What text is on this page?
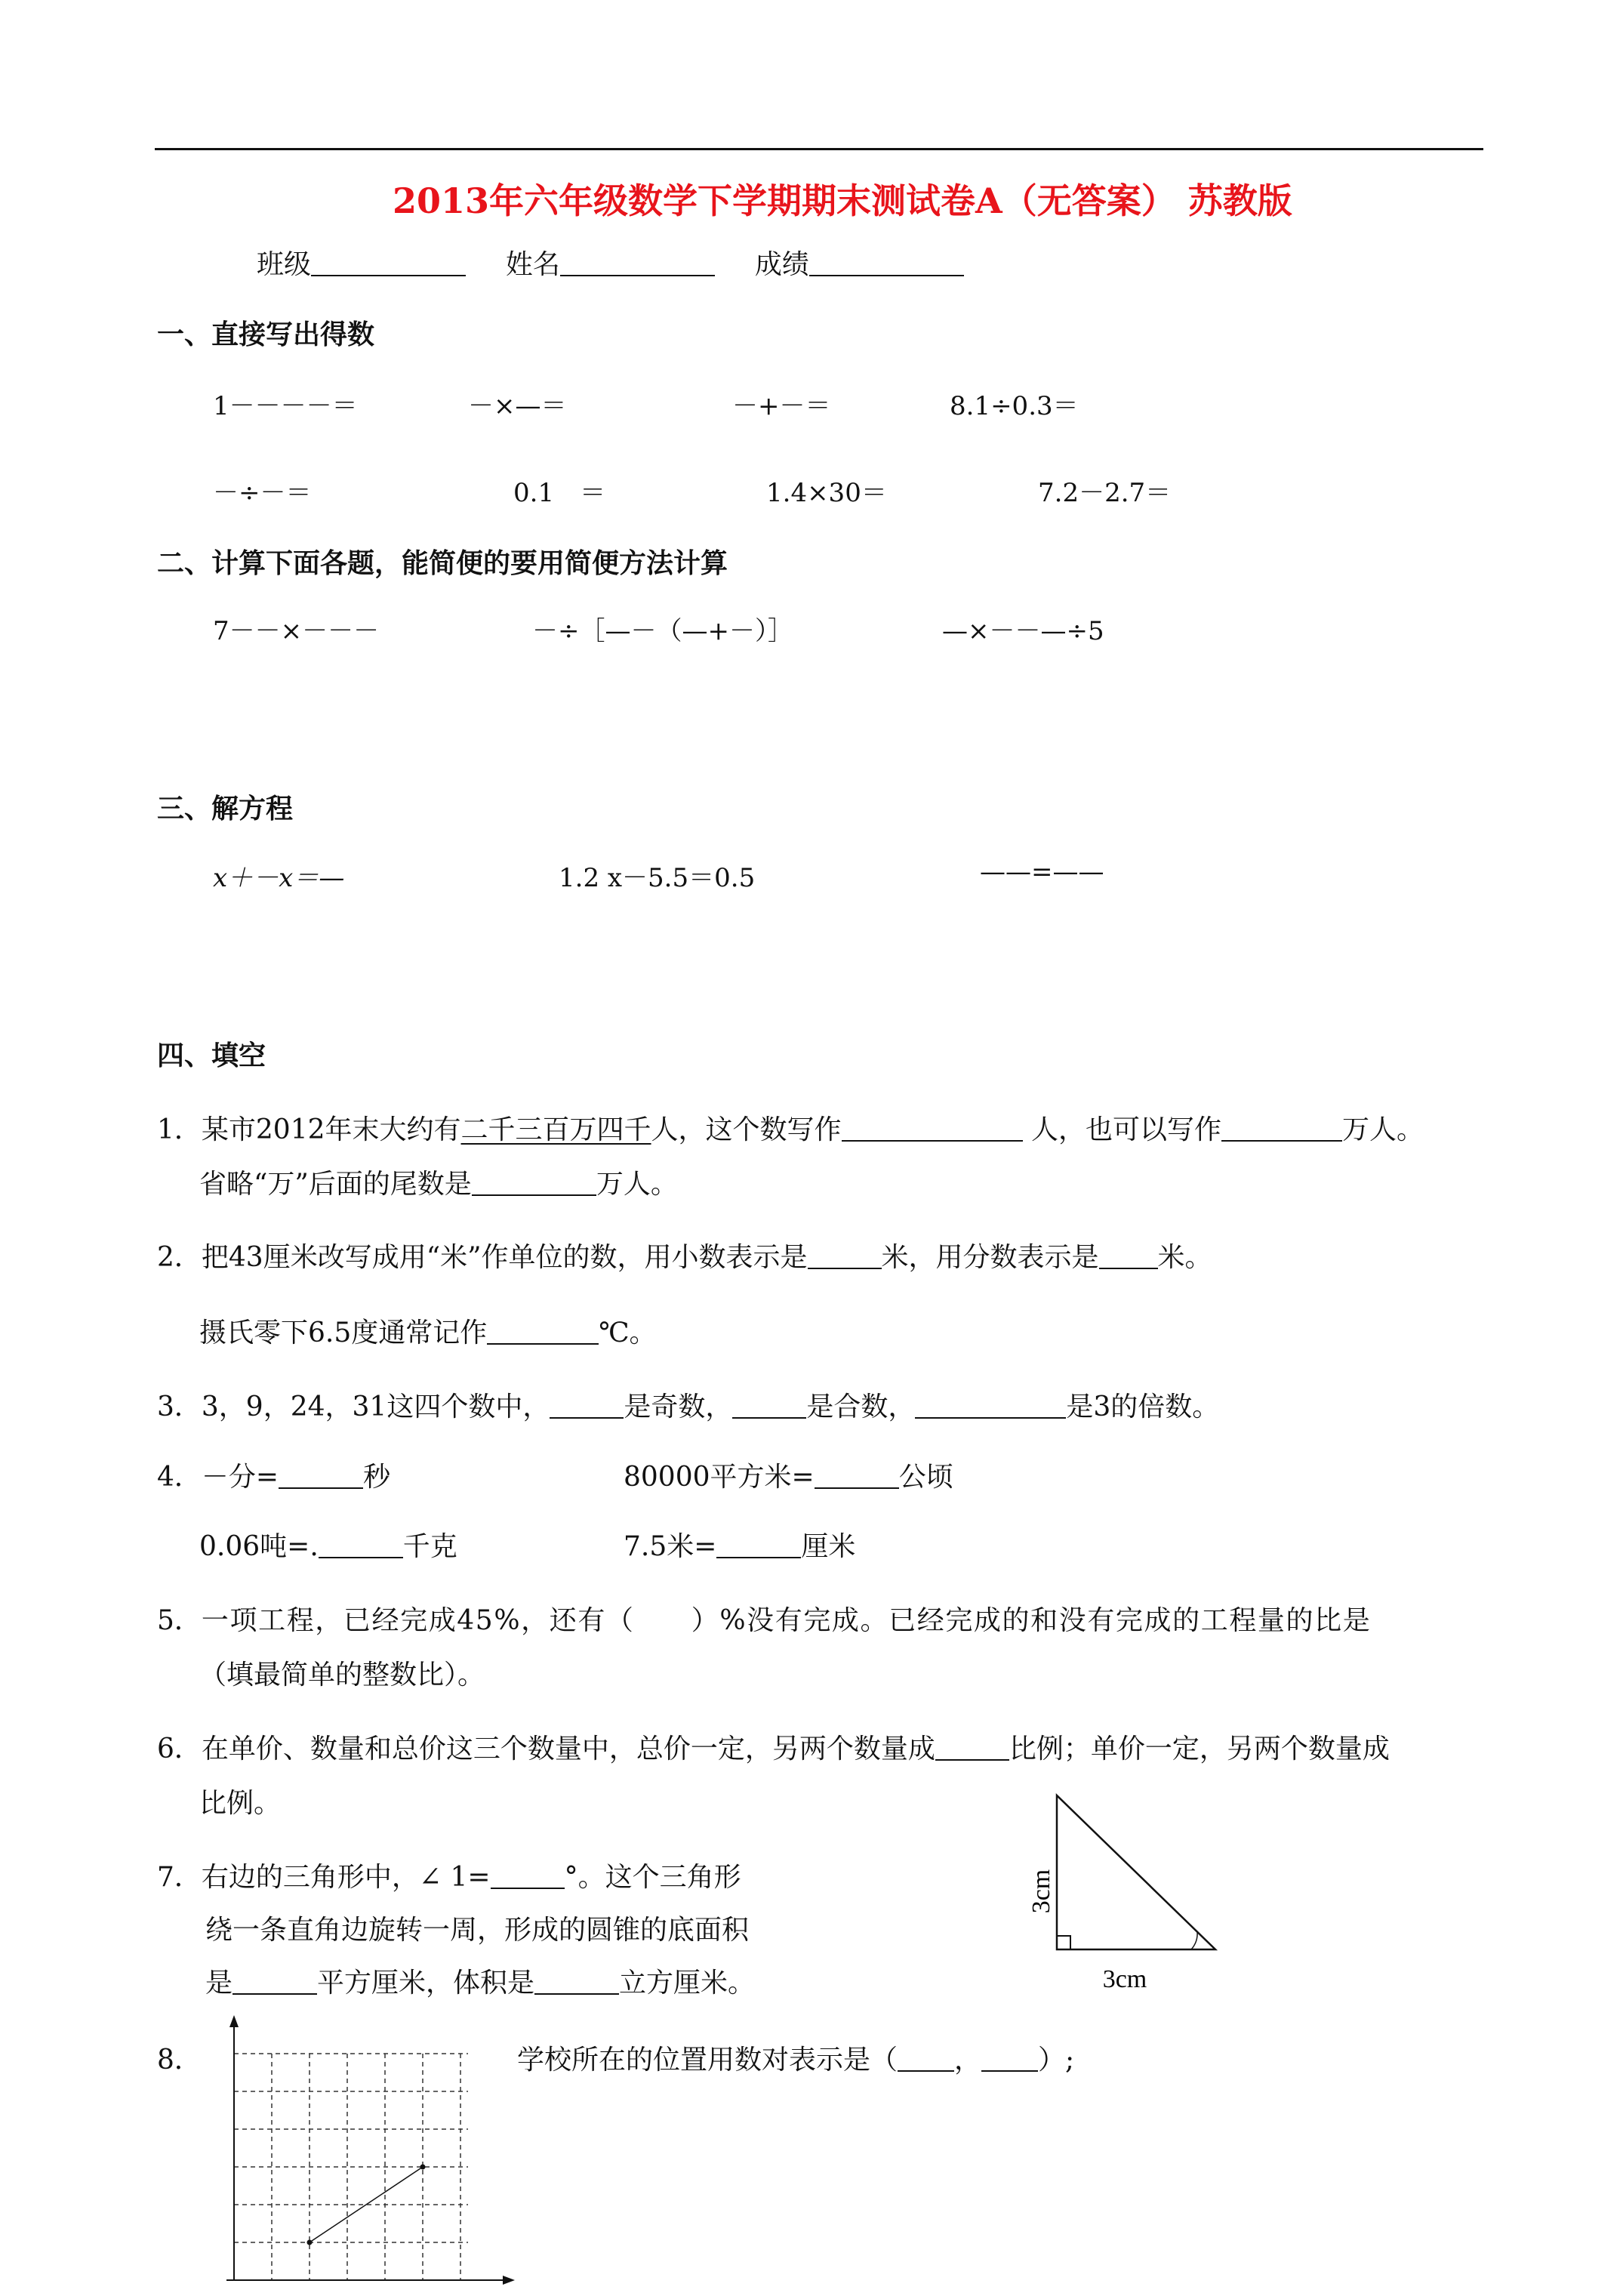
2013年六年级数学下学期期末测试卷A（无答案） 苏教版
班级	姓名	成绩
一、直接写出得数
1－－－－＝	－×—＝	－+－＝	8.1÷0.3＝
－÷－＝	0.1　＝	1.4×30＝	7.2－2.7＝
二、计算下面各题，能简便的要用简便方法计算
7－－×－－－	－÷［—－（—+－）］	—×－－—÷5
三、解方程
x＋－x＝—	1.2 x－5.5＝0.5	——=——
四、填空
1．某市2012年末大约有二千三百万四千人，这个数写作	人，也可以写作	万人。
省略“万”后面的尾数是	万人。
2．把43厘米改写成用“米”作单位的数，用小数表示是	米，用分数表示是 米。
摄氏零下6.5度通常记作	℃。
3．3，9，24，31这四个数中，	是奇数，	是合数，	是3的倍数。
4．－分=	秒	80000平方米=	公顷
0.06吨=.	千克	7.5米=	厘米
5．一项工程，已经完成45%，还有（　　）%没有完成。已经完成的和没有完成的工程量的比是
（填最简单的整数比）。
6．在单价、数量和总价这三个数量中，总价一定，另两个数量成	比例；单价一定，另两个数量成
比例。
7．右边的三角形中，∠ 1=	°。这个三角形
绕一条直角边旋转一周，形成的圆锥的底面积
是	平方厘米，体积是	立方厘米。
3cm
3cm
8．	学校所在的位置用数对表示是（ ， ）;
